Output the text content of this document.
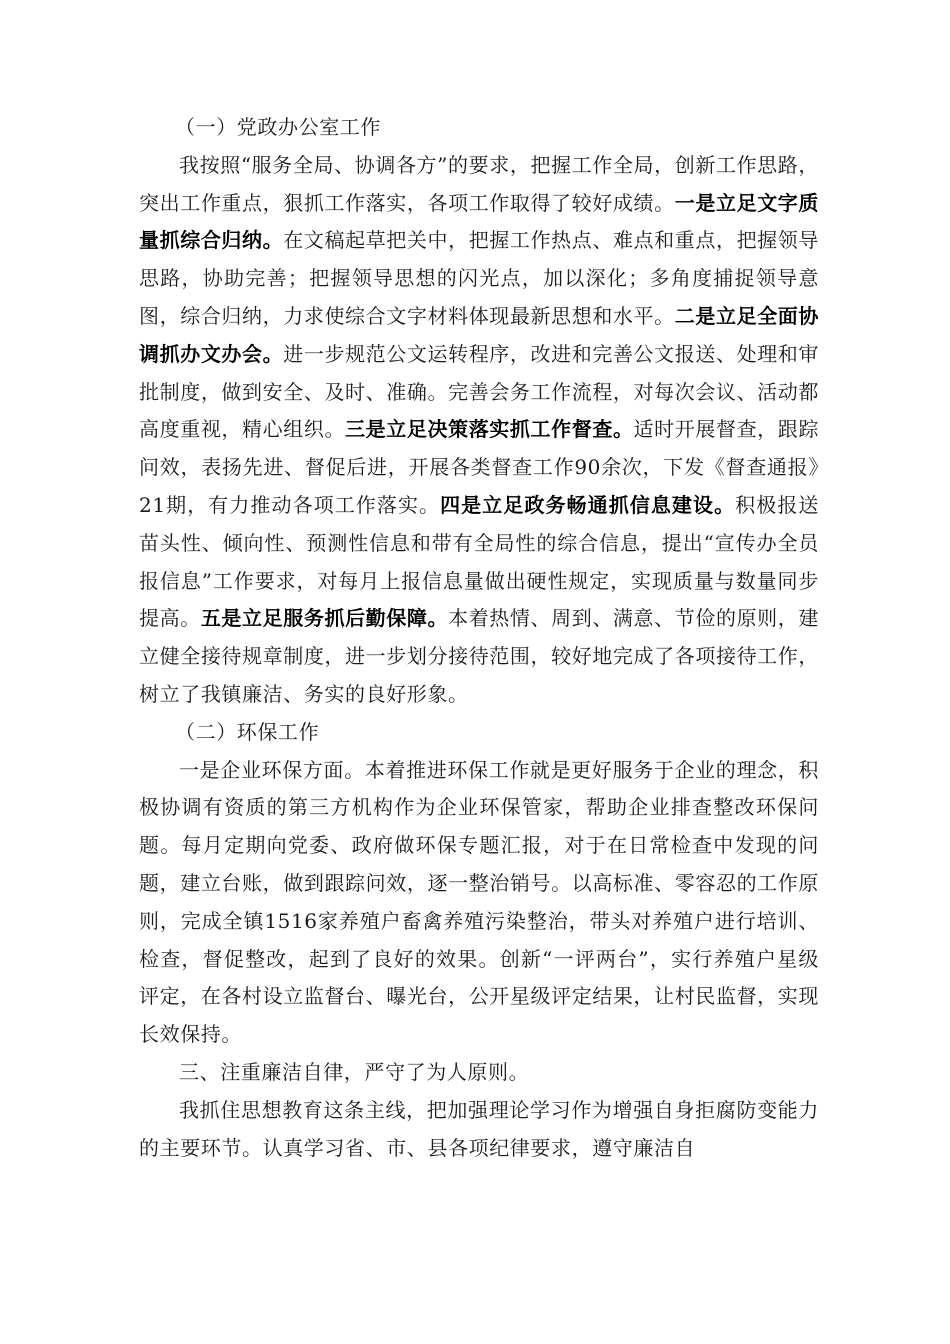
（一）党政办公室工作

我按照“服务全局、协调各方”的要求，把握工作全局，创新工作思路，突出工作重点，狠抓工作落实，各项工作取得了较好成绩。一是立足文字质量抓综合归纳。在文稿起草把关中，把握工作热点、难点和重点，把握领导思路，协助完善；把握领导思想的闪光点，加以深化；多角度捕捉领导意图，综合归纳，力求使综合文字材料体现最新思想和水平。二是立足全面协调抓办文办会。进一步规范公文运转程序，改进和完善公文报送、处理和审批制度，做到安全、及时、准确。完善会务工作流程，对每次会议、活动都高度重视，精心组织。三是立足决策落实抓工作督查。适时开展督查，跟踪问效，表扬先进、督促后进，开展各类督查工作90余次，下发《督查通报》21期，有力推动各项工作落实。四是立足政务畅通抓信息建设。积极报送苗头性、倾向性、预测性信息和带有全局性的综合信息，提出“宣传办全员报信息”工作要求，对每月上报信息量做出硬性规定，实现质量与数量同步提高。五是立足服务抓后勤保障。本着热情、周到、满意、节俭的原则，建立健全接待规章制度，进一步划分接待范围，较好地完成了各项接待工作，树立了我镇廉洁、务实的良好形象。

（二）环保工作

一是企业环保方面。本着推进环保工作就是更好服务于企业的理念，积极协调有资质的第三方机构作为企业环保管家，帮助企业排查整改环保问题。每月定期向党委、政府做环保专题汇报，对于在日常检查中发现的问题，建立台账，做到跟踪问效，逐一整治销号。以高标准、零容忍的工作原则，完成全镇1516家养殖户畜禽养殖污染整治，带头对养殖户进行培训、检查，督促整改，起到了良好的效果。创新“一评两台”，实行养殖户星级评定，在各村设立监督台、曝光台，公开星级评定结果，让村民监督，实现长效保持。

三、注重廉洁自律，严守了为人原则。

我抓住思想教育这条主线，把加强理论学习作为增强自身拒腐防变能力的主要环节。认真学习省、市、县各项纪律要求，遵守廉洁自
